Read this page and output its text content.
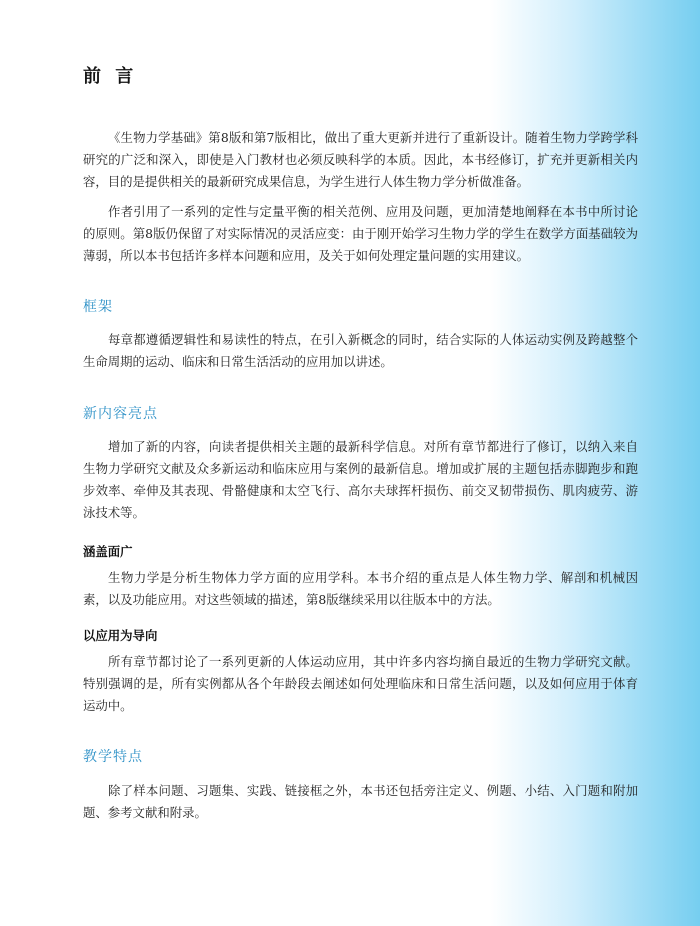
前 言

《生物力学基础》第8版和第7版相比，做出了重大更新并进行了重新设计。随着生物力学跨学科研究的广泛和深入，即使是入门教材也必须反映科学的本质。因此，本书经修订，扩充并更新相关内容，目的是提供相关的最新研究成果信息，为学生进行人体生物力学分析做准备。

作者引用了一系列的定性与定量平衡的相关范例、应用及问题，更加清楚地阐释在本书中所讨论的原则。第8版仍保留了对实际情况的灵活应变：由于刚开始学习生物力学的学生在数学方面基础较为薄弱，所以本书包括许多样本问题和应用，及关于如何处理定量问题的实用建议。

框架

每章都遵循逻辑性和易读性的特点，在引入新概念的同时，结合实际的人体运动实例及跨越整个生命周期的运动、临床和日常生活活动的应用加以讲述。

新内容亮点

增加了新的内容，向读者提供相关主题的最新科学信息。对所有章节都进行了修订，以纳入来自生物力学研究文献及众多新运动和临床应用与案例的最新信息。增加或扩展的主题包括赤脚跑步和跑步效率、牵伸及其表现、骨骼健康和太空飞行、高尔夫球挥杆损伤、前交叉韧带损伤、肌肉疲劳、游泳技术等。

涵盖面广

生物力学是分析生物体力学方面的应用学科。本书介绍的重点是人体生物力学、解剖和机械因素，以及功能应用。对这些领域的描述，第8版继续采用以往版本中的方法。

以应用为导向

所有章节都讨论了一系列更新的人体运动应用，其中许多内容均摘自最近的生物力学研究文献。特别强调的是，所有实例都从各个年龄段去阐述如何处理临床和日常生活问题，以及如何应用于体育运动中。

教学特点

除了样本问题、习题集、实践、链接框之外，本书还包括旁注定义、例题、小结、入门题和附加题、参考文献和附录。
